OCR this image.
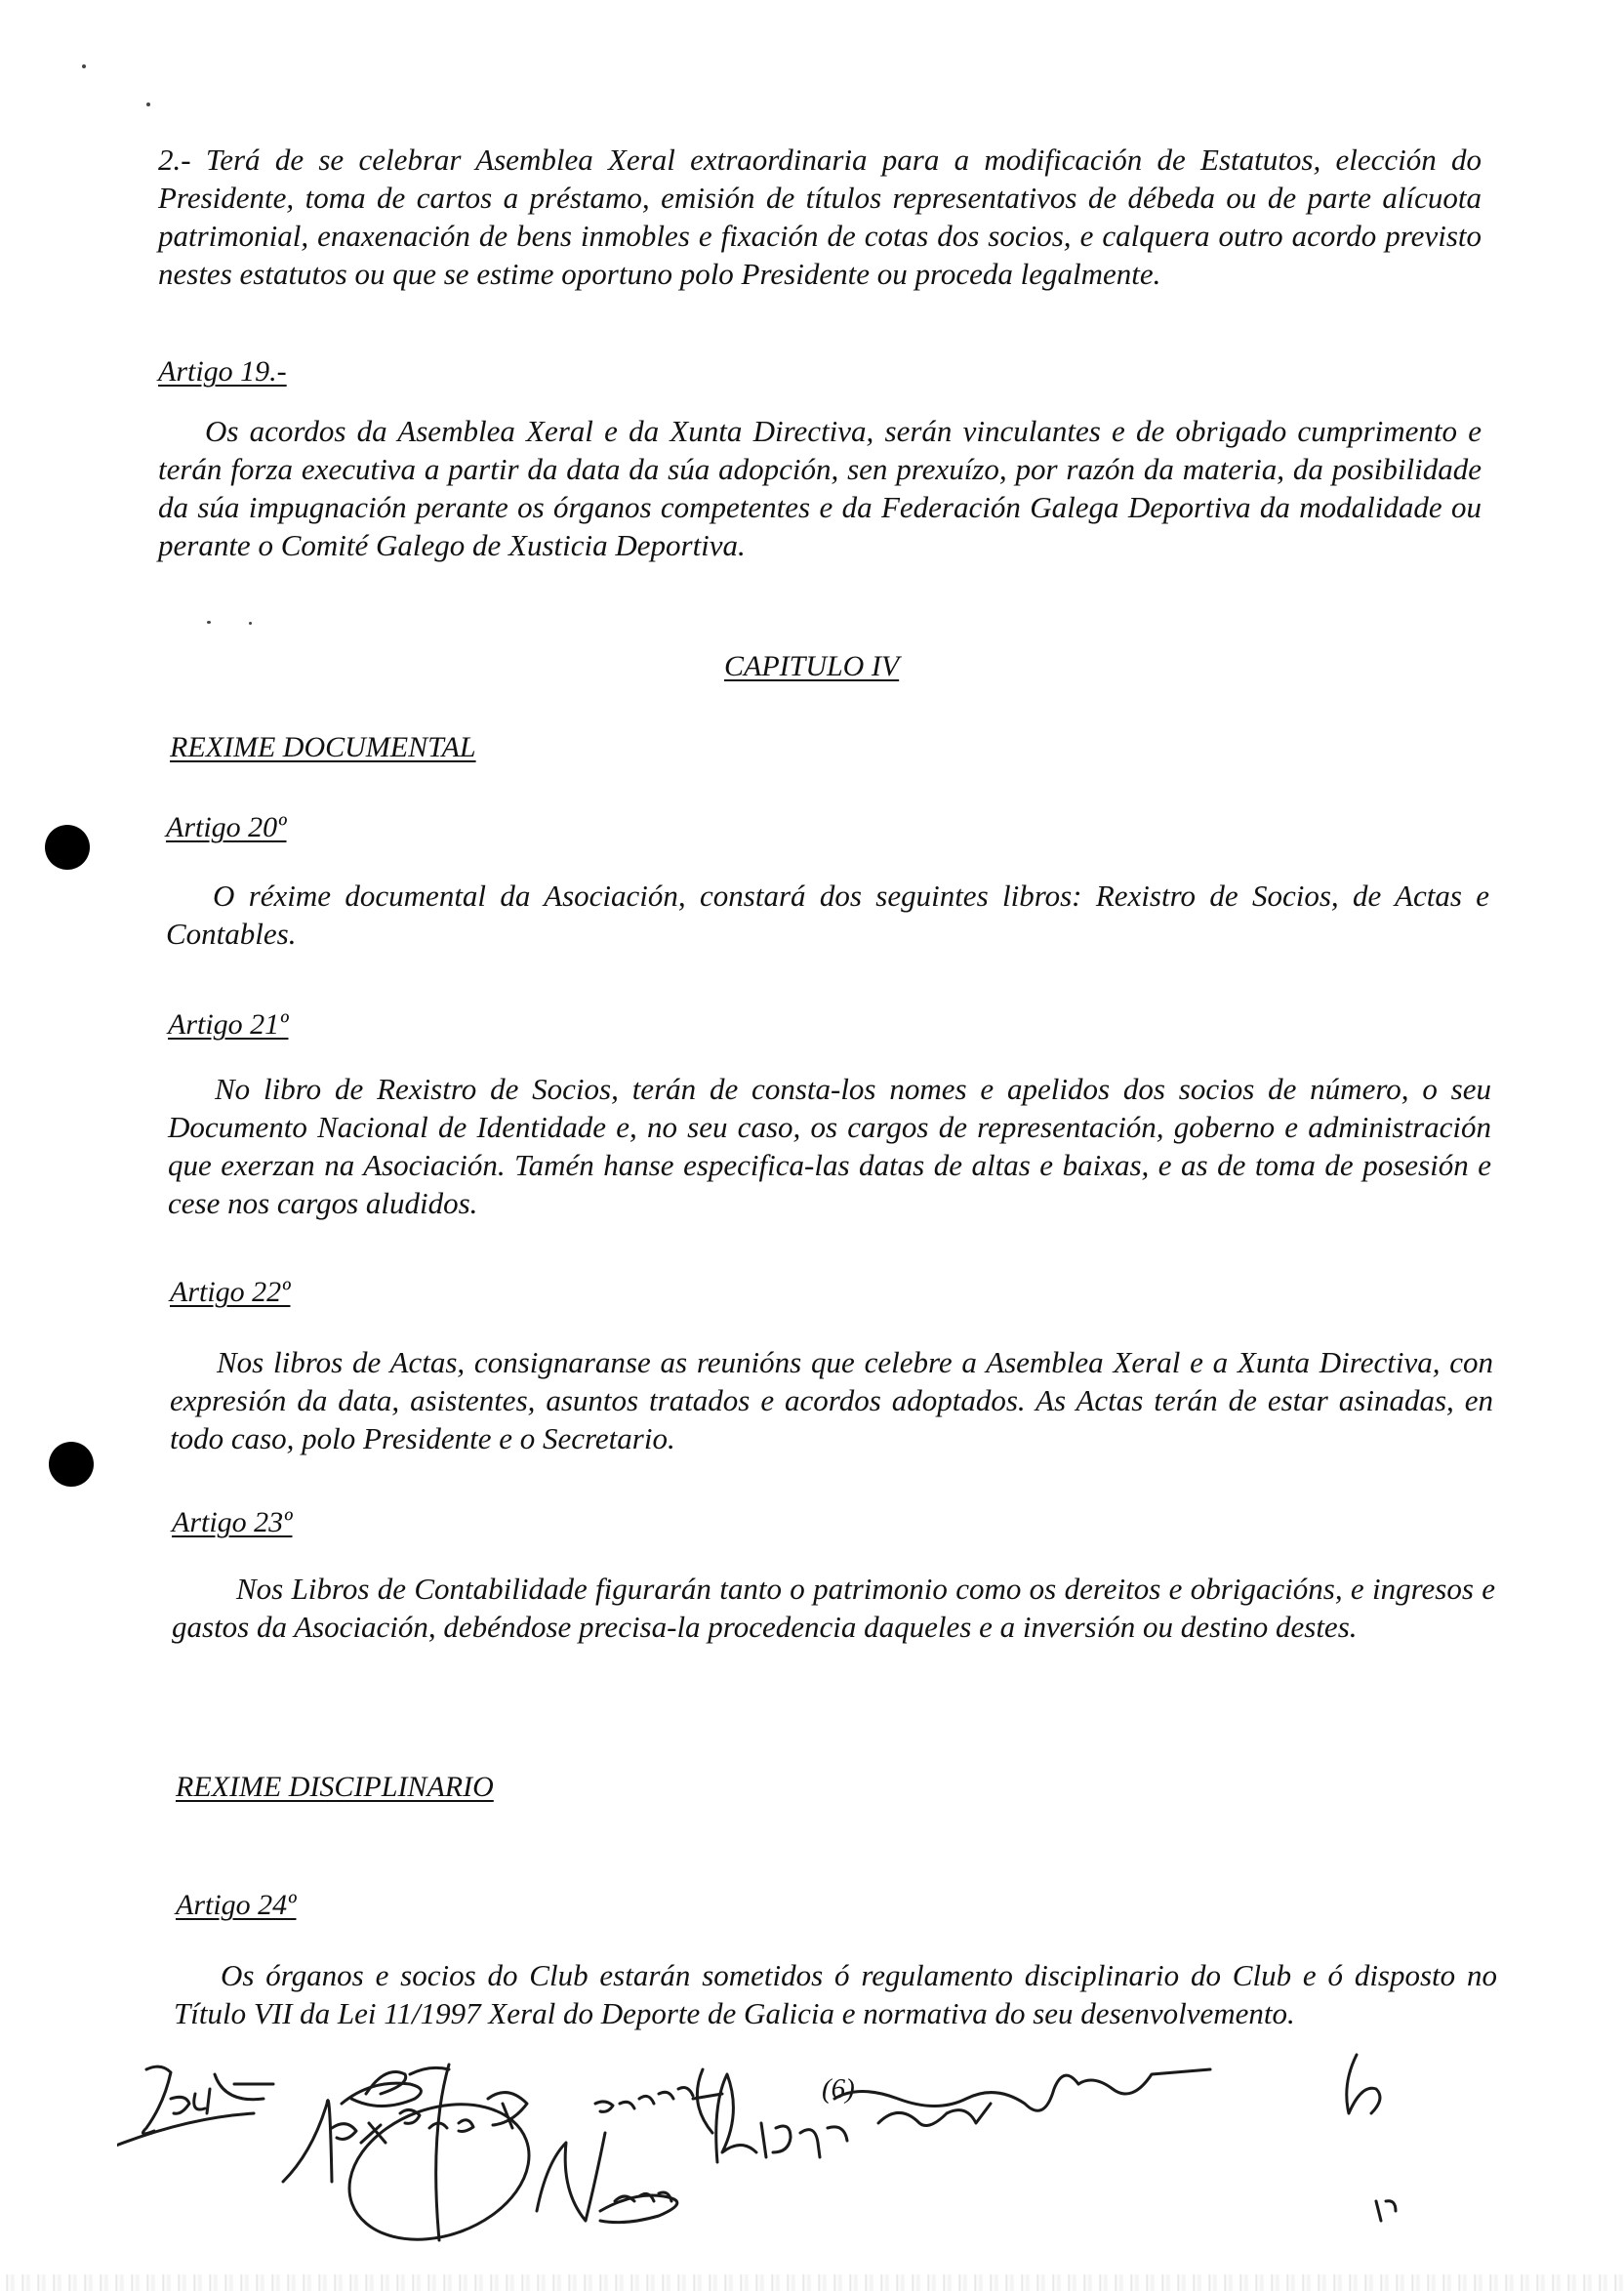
2.- Terá de se celebrar Asemblea Xeral extraordinaria para a modificación de Estatutos, elección do Presidente, toma de cartos a préstamo, emisión de títulos representativos de débeda ou de parte alícuota patrimonial, enaxenación de bens inmobles e fixación de cotas dos socios, e calquera outro acordo previsto nestes estatutos ou que se estime oportuno polo Presidente ou proceda legalmente.
Artigo 19.-
Os acordos da Asemblea Xeral e da Xunta Directiva, serán vinculantes e de obrigado cumprimento e terán forza executiva a partir da data da súa adopción, sen prexuízo, por razón da materia, da posibilidade da súa impugnación perante os órganos competentes e da Federación Galega Deportiva da modalidade ou perante o Comité Galego de Xusticia Deportiva.
CAPITULO IV
REXIME DOCUMENTAL
Artigo 20º
O réxime documental da Asociación, constará dos seguintes libros: Rexistro de Socios, de Actas e Contables.
Artigo 21º
No libro de Rexistro de Socios, terán de consta-los nomes e apelidos dos socios de número, o seu Documento Nacional de Identidade e, no seu caso, os cargos de representación, goberno e administración que exerzan na Asociación. Tamén hanse especifica-las datas de altas e baixas, e as de toma de posesión e cese nos cargos aludidos.
Artigo 22º
Nos libros de Actas, consignaranse as reunións que celebre a Asemblea Xeral e a Xunta Directiva, con expresión da data, asistentes, asuntos tratados e acordos adoptados. As Actas terán de estar asinadas, en todo caso, polo Presidente e o Secretario.
Artigo 23º
Nos Libros de Contabilidade figurarán tanto o patrimonio como os dereitos e obrigacións, e ingresos e gastos da Asociación, debéndose precisa-la procedencia daqueles e a inversión ou destino destes.
REXIME DISCIPLINARIO
Artigo 24º
Os órganos e socios do Club estarán sometidos ó regulamento disciplinario do Club e ó disposto no Título VII da Lei 11/1997 Xeral do Deporte de Galicia e normativa do seu desenvolvemento.
(6)
